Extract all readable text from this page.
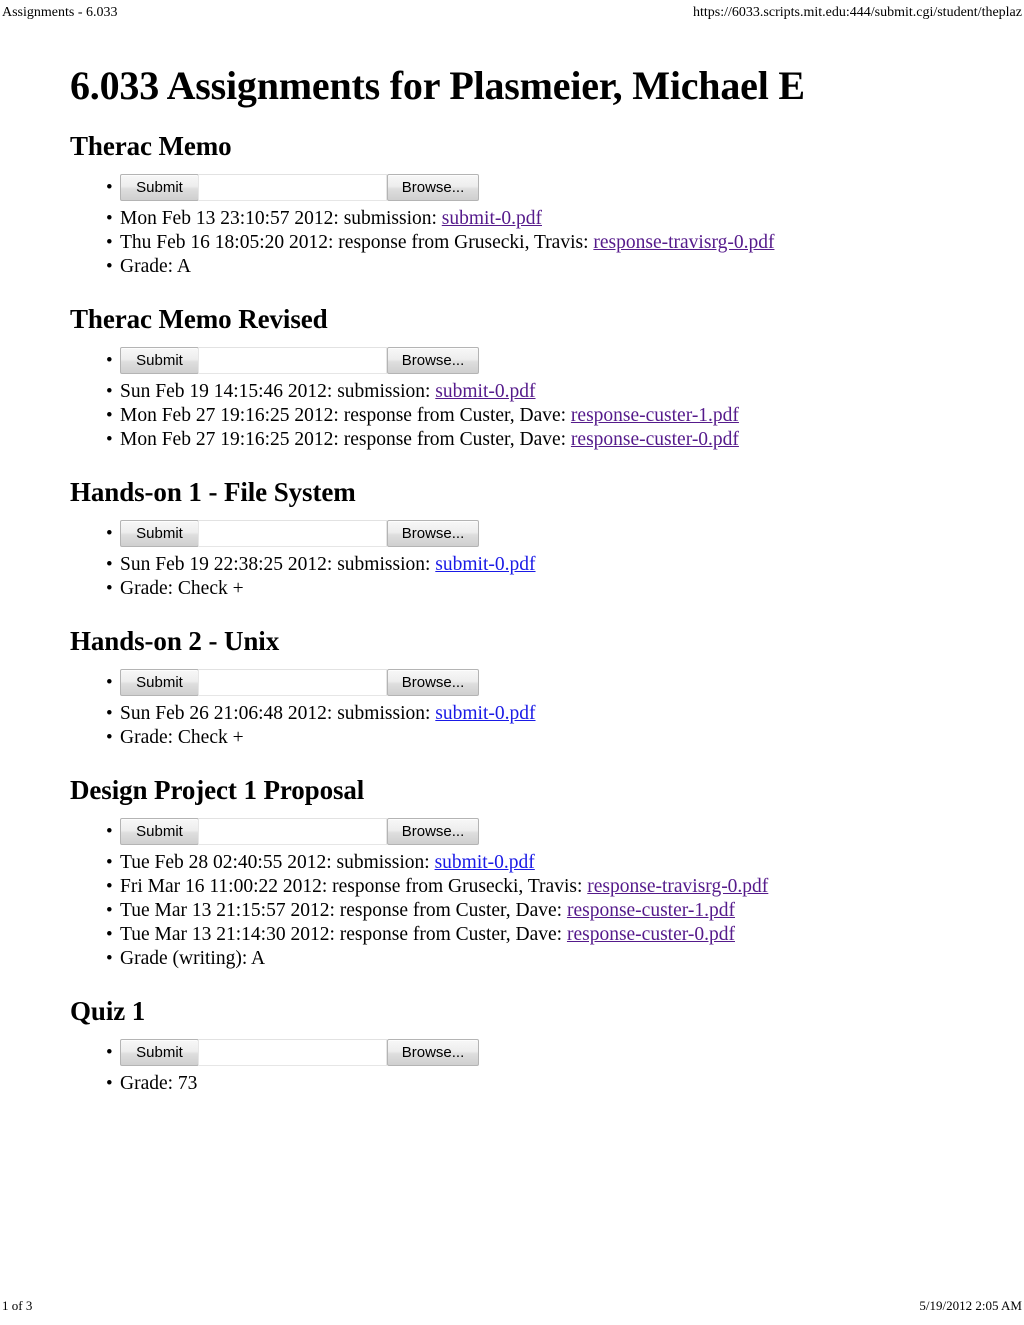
Assignments - 6.033	https://6033.scripts.mit.edu:444/submit.cgi/student/theplaz
6.033 Assignments for Plasmeier, Michael E
Therac Memo
• Submit	Browse...
• Mon Feb 13 23:10:57 2012: submission: submit-0.pdf
• Thu Feb 16 18:05:20 2012: response from Grusecki, Travis: response-travisrg-0.pdf
• Grade: A
Therac Memo Revised
• Submit	Browse...
• Sun Feb 19 14:15:46 2012: submission: submit-0.pdf
• Mon Feb 27 19:16:25 2012: response from Custer, Dave: response-custer-1.pdf
• Mon Feb 27 19:16:25 2012: response from Custer, Dave: response-custer-0.pdf
Hands-on 1 - File System
• Submit	Browse...
• Sun Feb 19 22:38:25 2012: submission: submit-0.pdf
• Grade: Check +
Hands-on 2 - Unix
• Submit	Browse...
• Sun Feb 26 21:06:48 2012: submission: submit-0.pdf
• Grade: Check +
Design Project 1 Proposal
• Submit	Browse...
• Tue Feb 28 02:40:55 2012: submission: submit-0.pdf
• Fri Mar 16 11:00:22 2012: response from Grusecki, Travis: response-travisrg-0.pdf
• Tue Mar 13 21:15:57 2012: response from Custer, Dave: response-custer-1.pdf
• Tue Mar 13 21:14:30 2012: response from Custer, Dave: response-custer-0.pdf
• Grade (writing): A
Quiz 1
• Submit	Browse...
• Grade: 73
1 of 3	5/19/2012 2:05 AM
